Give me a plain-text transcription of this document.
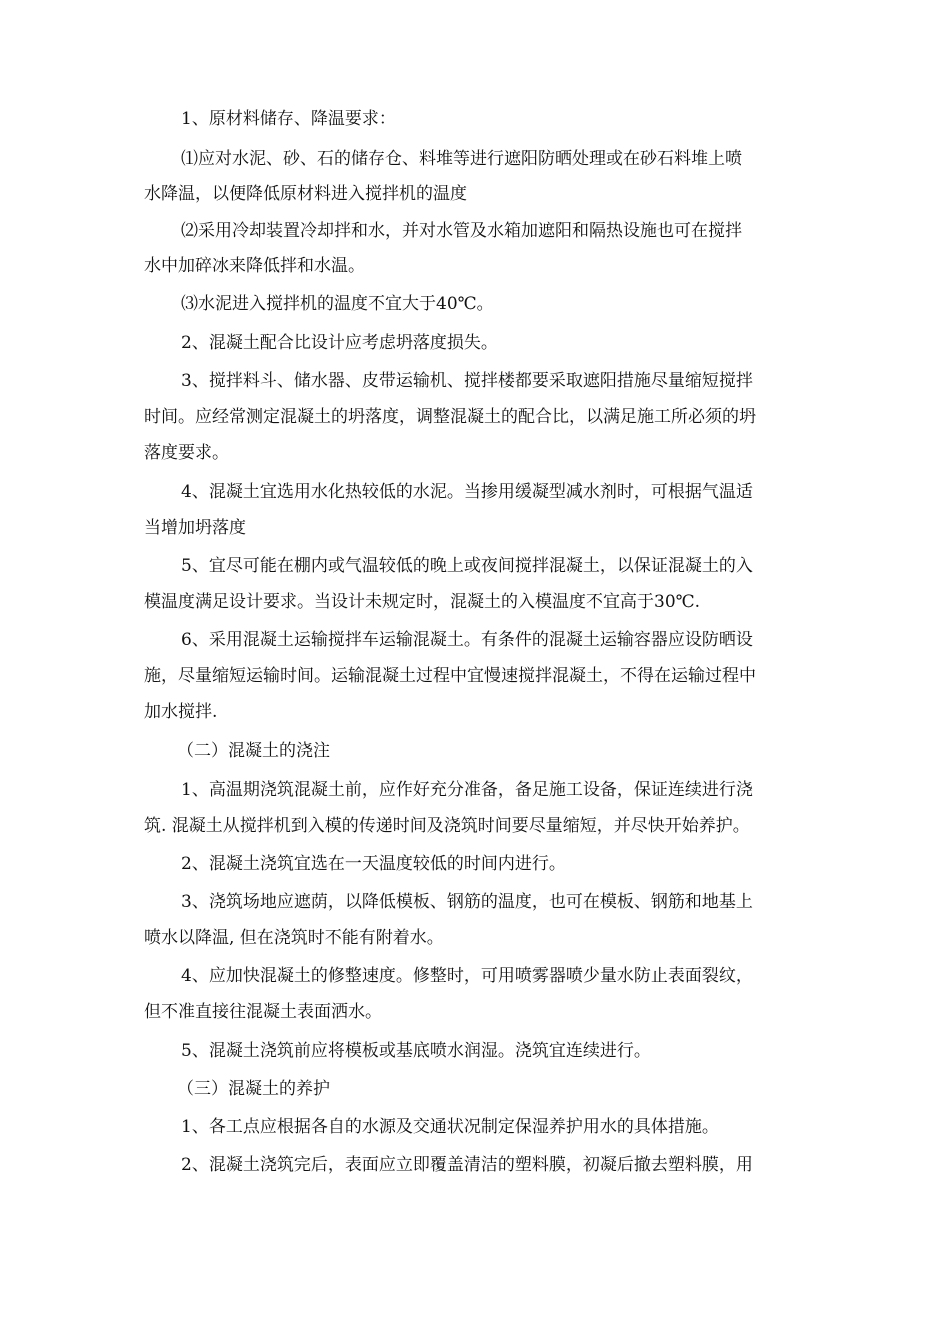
1、原材料储存、降温要求：
⑴应对水泥、砂、石的储存仓、料堆等进行遮阳防晒处理或在砂石料堆上喷
水降温，以便降低原材料进入搅拌机的温度
⑵采用冷却装置冷却拌和水，并对水管及水箱加遮阳和隔热设施也可在搅拌
水中加碎冰来降低拌和水温。
⑶水泥进入搅拌机的温度不宜大于40℃。
2、混凝土配合比设计应考虑坍落度损失。
3、搅拌料斗、储水器、皮带运输机、搅拌楼都要采取遮阳措施尽量缩短搅拌
时间。应经常测定混凝土的坍落度，调整混凝土的配合比，以满足施工所必须的坍
落度要求。
4、混凝土宜选用水化热较低的水泥。当掺用缓凝型减水剂时，可根据气温适
当增加坍落度
5、宜尽可能在棚内或气温较低的晚上或夜间搅拌混凝土，以保证混凝土的入
模温度满足设计要求。当设计未规定时，混凝土的入模温度不宜高于30℃.
6、采用混凝土运输搅拌车运输混凝土。有条件的混凝土运输容器应设防晒设
施，尽量缩短运输时间。运输混凝土过程中宜慢速搅拌混凝土，不得在运输过程中
加水搅拌.
（二）混凝土的浇注
1、高温期浇筑混凝土前，应作好充分准备，备足施工设备，保证连续进行浇
筑. 混凝土从搅拌机到入模的传递时间及浇筑时间要尽量缩短，并尽快开始养护。
2、混凝土浇筑宜选在一天温度较低的时间内进行。
3、浇筑场地应遮荫，以降低模板、钢筋的温度，也可在模板、钢筋和地基上
喷水以降温, 但在浇筑时不能有附着水。
4、应加快混凝土的修整速度。修整时，可用喷雾器喷少量水防止表面裂纹，
但不准直接往混凝土表面洒水。
5、混凝土浇筑前应将模板或基底喷水润湿。浇筑宜连续进行。
（三）混凝土的养护
1、各工点应根据各自的水源及交通状况制定保湿养护用水的具体措施。
2、混凝土浇筑完后，表面应立即覆盖清洁的塑料膜，初凝后撤去塑料膜，用
